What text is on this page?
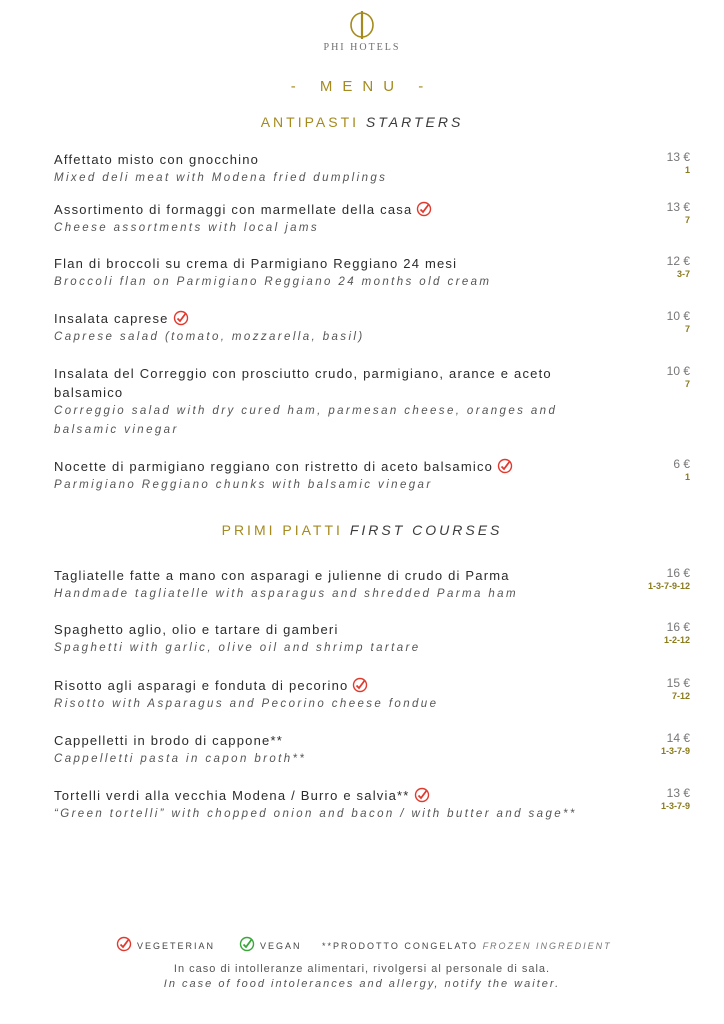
PHI HOTELS
- MENU -
ANTIPASTI STARTERS
Affettato misto con gnocchino
Mixed deli meat with Modena fried dumplings
13 €
1
Assortimento di formaggi con marmellate della casa
Cheese assortments with local jams
13 €
7
Flan di broccoli su crema di Parmigiano Reggiano 24 mesi
Broccoli flan on Parmigiano Reggiano 24 months old cream
12 €
3-7
Insalata caprese
Caprese salad (tomato, mozzarella, basil)
10 €
7
Insalata del Correggio con prosciutto crudo, parmigiano, arance e aceto balsamico
Correggio salad with dry cured ham, parmesan cheese, oranges and balsamic vinegar
10 €
7
Nocette di parmigiano reggiano con ristretto di aceto balsamico
Parmigiano Reggiano chunks with balsamic vinegar
6 €
1
PRIMI PIATTI FIRST COURSES
Tagliatelle fatte a mano con asparagi e julienne di crudo di Parma
Handmade tagliatelle with asparagus and shredded Parma ham
16 €
1-3-7-9-12
Spaghetto aglio, olio e tartare di gamberi
Spaghetti with garlic, olive oil and shrimp tartare
16 €
1-2-12
Risotto agli asparagi e fonduta di pecorino
Risotto with Asparagus and Pecorino cheese fondue
15 €
7-12
Cappelletti in brodo di cappone**
Cappelletti pasta in capon broth**
14 €
1-3-7-9
Tortelli verdi alla vecchia Modena / Burro e salvia**
“Green tortelli” with chopped onion and bacon / with butter and sage**
13 €
1-3-7-9
VEGETERIAN	VEGAN **PRODOTTO CONGELATO FROZEN INGREDIENT
In caso di intolleranze alimentari, rivolgersi al personale di sala.
In case of food intolerances and allergy, notify the waiter.
